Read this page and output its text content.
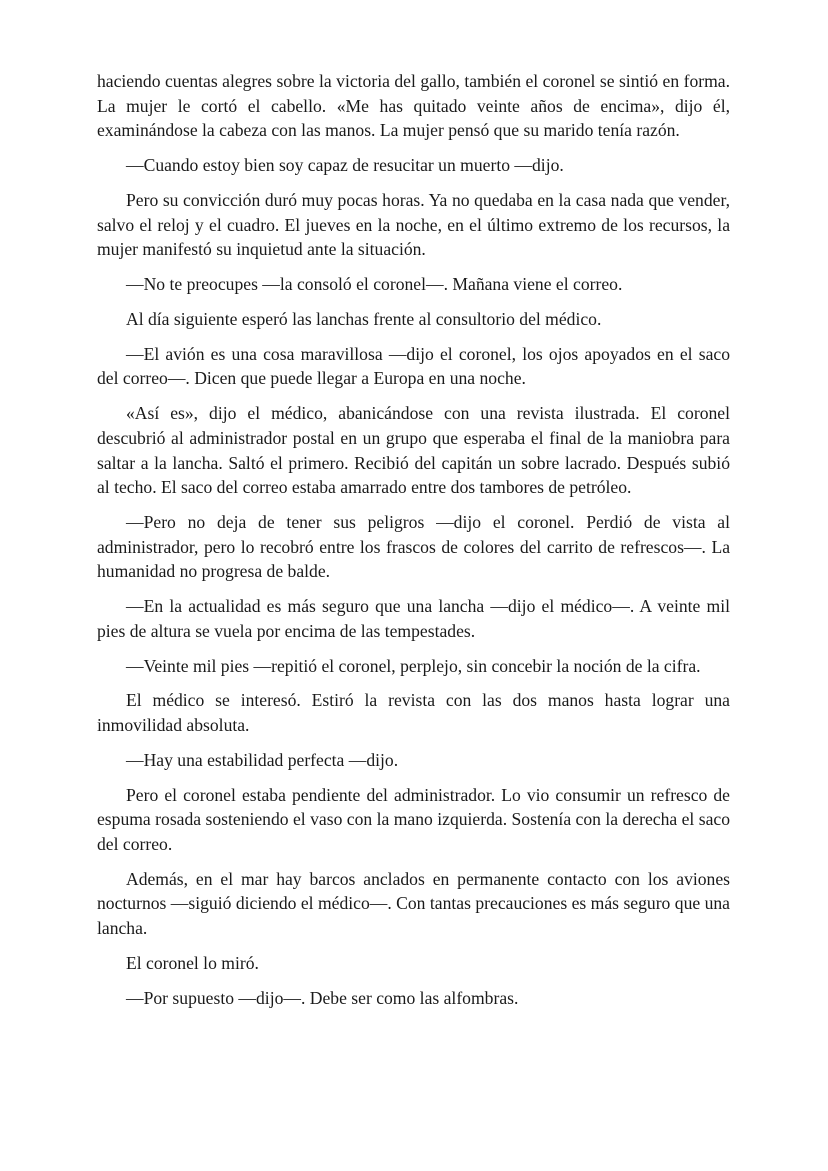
haciendo cuentas alegres sobre la victoria del gallo, también el coronel se sintió en forma. La mujer le cortó el cabello. «Me has quitado veinte años de encima», dijo él, examinándose la cabeza con las manos. La mujer pensó que su marido tenía razón.

—Cuando estoy bien soy capaz de resucitar un muerto —dijo.

Pero su convicción duró muy pocas horas. Ya no quedaba en la casa nada que vender, salvo el reloj y el cuadro. El jueves en la noche, en el último extremo de los recursos, la mujer manifestó su inquietud ante la situación.

—No te preocupes —la consoló el coronel—. Mañana viene el correo.

Al día siguiente esperó las lanchas frente al consultorio del médico.

—El avión es una cosa maravillosa —dijo el coronel, los ojos apoyados en el saco del correo—. Dicen que puede llegar a Europa en una noche.

«Así es», dijo el médico, abanicándose con una revista ilustrada. El coronel descubrió al administrador postal en un grupo que esperaba el final de la maniobra para saltar a la lancha. Saltó el primero. Recibió del capitán un sobre lacrado. Después subió al techo. El saco del correo estaba amarrado entre dos tambores de petróleo.

—Pero no deja de tener sus peligros —dijo el coronel. Perdió de vista al administrador, pero lo recobró entre los frascos de colores del carrito de refrescos—. La humanidad no progresa de balde.

—En la actualidad es más seguro que una lancha —dijo el médico—. A veinte mil pies de altura se vuela por encima de las tempestades.

—Veinte mil pies —repitió el coronel, perplejo, sin concebir la noción de la cifra.

El médico se interesó. Estiró la revista con las dos manos hasta lograr una inmovilidad absoluta.

—Hay una estabilidad perfecta —dijo.

Pero el coronel estaba pendiente del administrador. Lo vio consumir un refresco de espuma rosada sosteniendo el vaso con la mano izquierda. Sostenía con la derecha el saco del correo.

Además, en el mar hay barcos anclados en permanente contacto con los aviones nocturnos —siguió diciendo el médico—. Con tantas precauciones es más seguro que una lancha.

El coronel lo miró.

—Por supuesto —dijo—. Debe ser como las alfombras.
